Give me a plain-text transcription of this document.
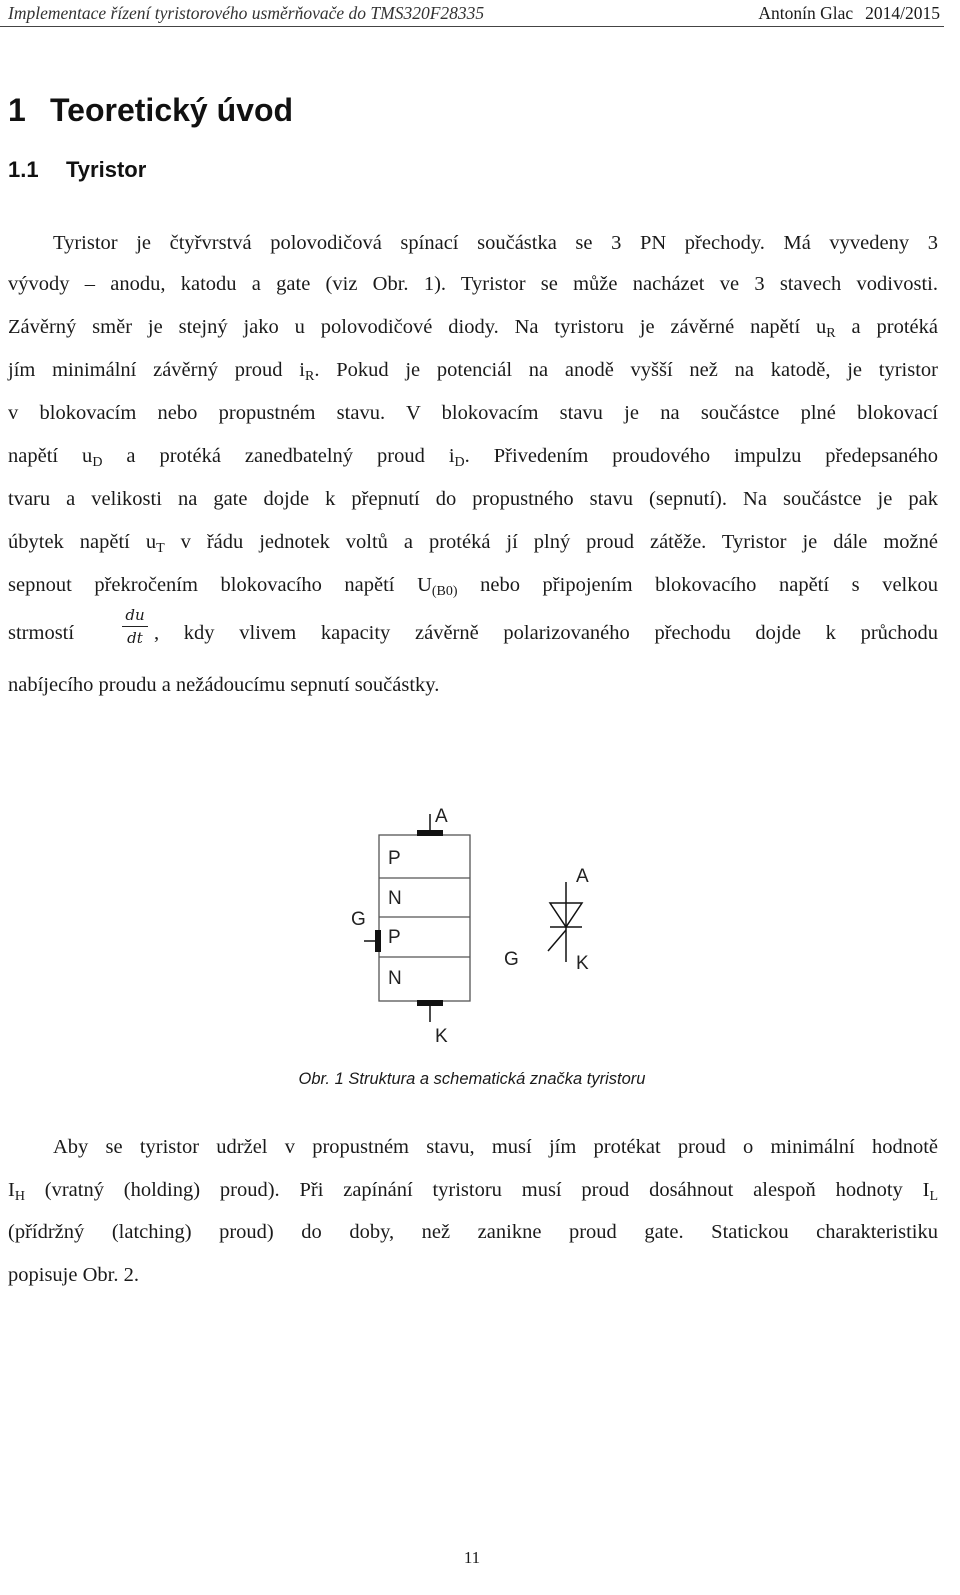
Implementace řízení tyristorového usměrňovače do TMS320F28335	Antonín Glac 2014/2015
1 Teoretický úvod
1.1 Tyristor
Tyristor je čtyřvrstvá polovodičová spínací součástka se 3 PN přechody. Má vyvedeny 3
vývody – anodu, katodu a gate (viz Obr. 1). Tyristor se může nacházet ve 3 stavech vodivosti.
Závěrný směr je stejný jako u polovodičové diody. Na tyristoru je závěrné napětí $u_R$ a protéká
jím minimální závěrný proud $i_R$. Pokud je potenciál na anodě vyšší než na katodě, je tyristor
v blokovacím nebo propustném stavu. V blokovacím stavu je na součástce plné blokovací
napětí $u_D$ a protéká zanedbatelný proud $i_D$. Přivedením proudového impulzu předepsaného
tvaru a velikosti na gate dojde k přepnutí do propustného stavu (sepnutí). Na součástce je pak
úbytek napětí $u_T$ v řádu jednotek voltů a protéká jí plný proud zátěže. Tyristor je dále možné
sepnout překročením blokovacího napětí $U_{(B0)}$ nebo připojením blokovacího napětí s velkou
strmostí
du
dt , kdy vlivem kapacity závěrně polarizovaného přechodu dojde k průchodu
nabíjecího proudu a nežádoucímu sepnutí součástky.
A
K
G
P
N
P
N
A
K
G
Obr. 1 Struktura a schematická značka tyristoru
Aby se tyristor udržel v propustném stavu, musí jím protékat proud o minimální hodnotě
$I_H$ (vratný (holding) proud). Při zapínání tyristoru musí proud dosáhnout alespoň hodnoty $I_L$
(přídržný (latching) proud) do doby, než zanikne proud gate. Statickou charakteristiku
popisuje Obr. 2.
11
